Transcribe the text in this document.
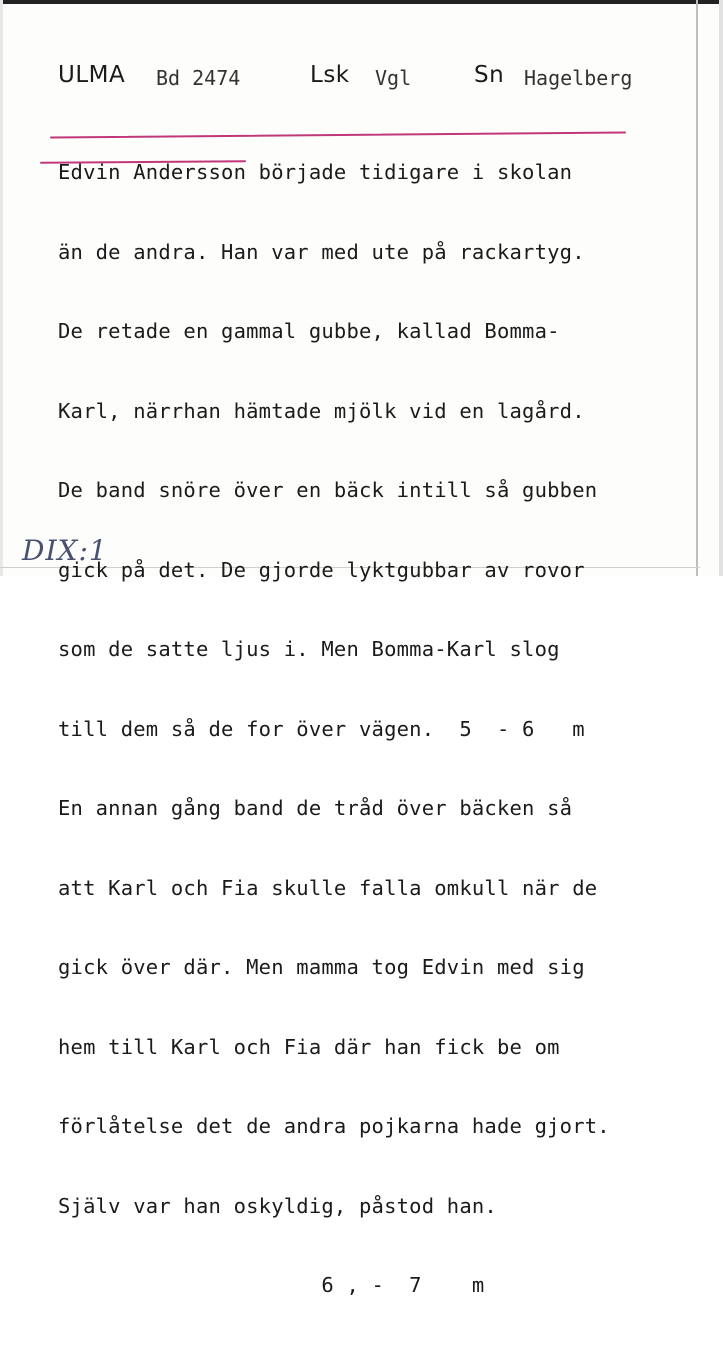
ULMA Bd 2474	Lsk Vgl	Sn Hagelberg

Edvin Andersson började tidigare i skolan

än de andra. Han var med ute på rackartyg.

De retade en gammal gubbe, kallad Bomma-

Karl, närrhan hämtade mjölk vid en lagård.

De band snöre över en bäck intill så gubben

gick på det. De gjorde lyktgubbar av rovor

som de satte ljus i. Men Bomma-Karl slog

till dem så de for över vägen.  5  - 6   m

En annan gång band de tråd över bäcken så

att Karl och Fia skulle falla omkull när de

gick över där. Men mamma tog Edvin med sig

hem till Karl och Fia där han fick be om

förlåtelse det de andra pojkarna hade gjort.

Själv var han oskyldig, påstod han.

6 , -  7    m

DIX:1
